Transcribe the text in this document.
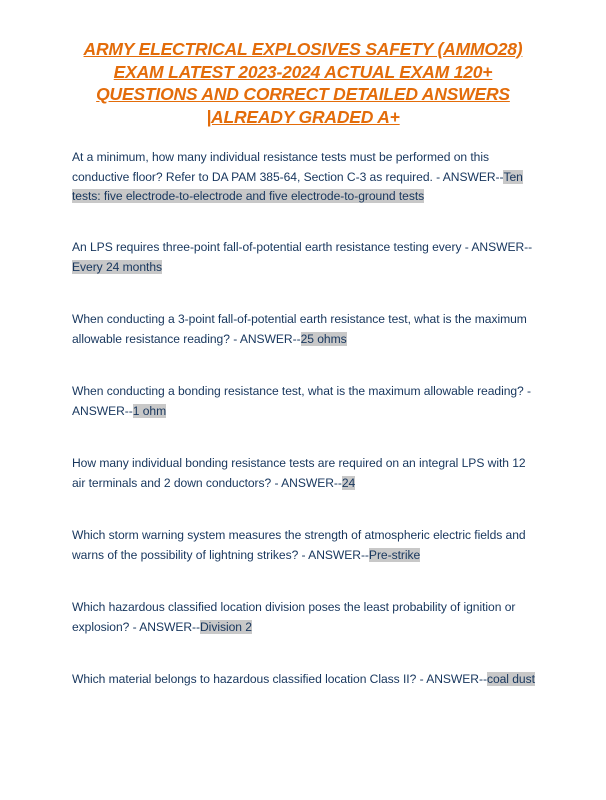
ARMY ELECTRICAL EXPLOSIVES SAFETY (AMMO28)
EXAM LATEST 2023-2024 ACTUAL EXAM 120+
QUESTIONS AND CORRECT DETAILED ANSWERS
|ALREADY GRADED A+
At a minimum, how many individual resistance tests must be performed on this conductive floor? Refer to DA PAM 385-64, Section C-3 as required. - ANSWER--Ten tests: five electrode-to-electrode and five electrode-to-ground tests
An LPS requires three-point fall-of-potential earth resistance testing every - ANSWER--Every 24 months
When conducting a 3-point fall-of-potential earth resistance test, what is the maximum allowable resistance reading? - ANSWER--25 ohms
When conducting a bonding resistance test, what is the maximum allowable reading? - ANSWER--1 ohm
How many individual bonding resistance tests are required on an integral LPS with 12 air terminals and 2 down conductors? - ANSWER--24
Which storm warning system measures the strength of atmospheric electric fields and warns of the possibility of lightning strikes? - ANSWER--Pre-strike
Which hazardous classified location division poses the least probability of ignition or explosion? - ANSWER--Division 2
Which material belongs to hazardous classified location Class II? - ANSWER--coal dust
